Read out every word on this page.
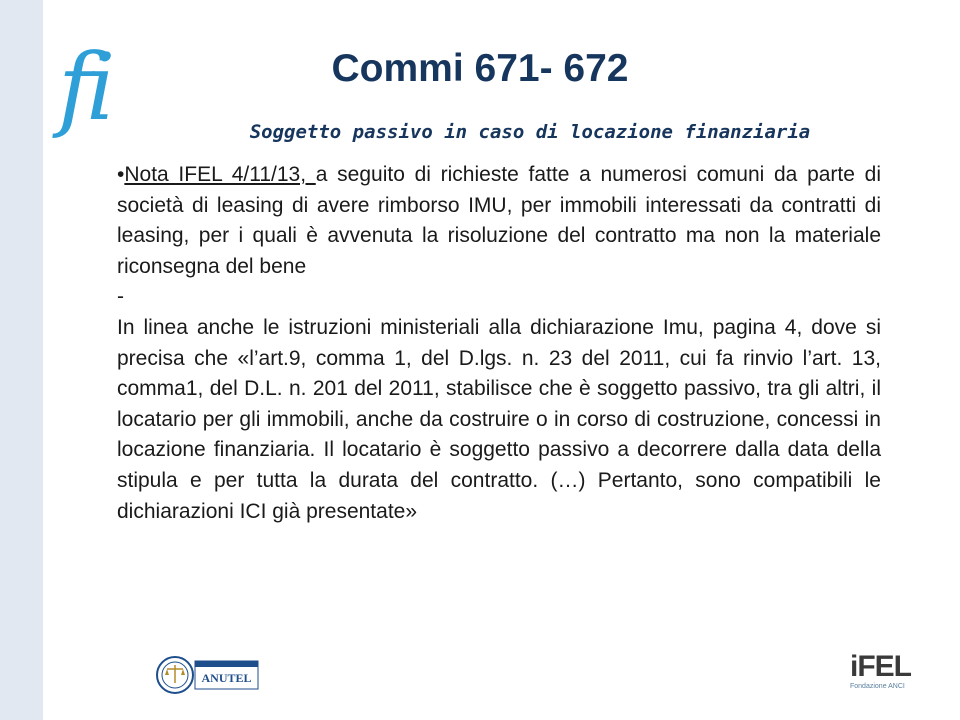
fi	Commi 671- 672
Soggetto passivo in caso di locazione finanziaria

•Nota IFEL 4/11/13, a seguito di richieste fatte a numerosi comuni da parte di società di leasing di avere rimborso IMU, per immobili interessati da contratti di leasing, per i quali è avvenuta la risoluzione del contratto ma non la materiale riconsegna del bene

-

In linea anche le istruzioni ministeriali alla dichiarazione Imu, pagina 4, dove si precisa che «l’art.9, comma 1, del D.lgs. n. 23 del 2011, cui fa rinvio l’art. 13, comma1, del D.L. n. 201 del 2011, stabilisce che è soggetto passivo, tra gli altri, il locatario per gli immobili, anche da costruire o in corso di costruzione, concessi in locazione finanziaria. Il locatario è soggetto passivo a decorrere dalla data della stipula e per tutta la durata del contratto. (…) Pertanto, sono compatibili le dichiarazioni ICI già presentate»

ANUTEL	iFEL
Fondazione ANCI
